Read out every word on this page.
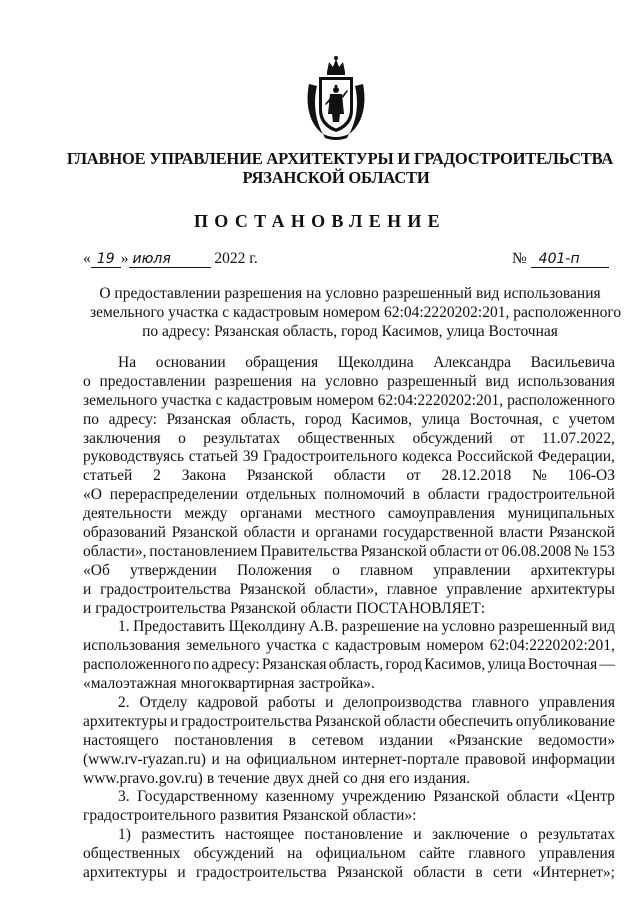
ГЛАВНОЕ УПРАВЛЕНИЕ АРХИТЕКТУРЫ И ГРАДОСТРОИТЕЛЬСТВА
РЯЗАНСКОЙ ОБЛАСТИ
ПОСТАНОВЛЕНИЕ
« 19 » июля	2022 г.	№ 401-п
О предоставлении разрешения на условно разрешенный вид использования
земельного участка с кадастровым номером 62:04:2220202:201, расположенного
по адресу: Рязанская область, город Касимов, улица Восточная
На основании обращения Щеколдина Александра Васильевича
о предоставлении разрешения на условно разрешенный вид использования
земельного участка с кадастровым номером 62:04:2220202:201, расположенного
по адресу: Рязанская область, город Касимов, улица Восточная, с учетом
заключения о результатах общественных обсуждений от 11.07.2022,
руководствуясь статьей 39 Градостроительного кодекса Российской Федерации,
статьей 2 Закона Рязанской области от 28.12.2018 № 106-ОЗ
«О перераспределении отдельных полномочий в области градостроительной
деятельности между органами местного самоуправления муниципальных
образований Рязанской области и органами государственной власти Рязанской
области», постановлением Правительства Рязанской области от 06.08.2008 № 153
«Об утверждении Положения о главном управлении архитектуры
и градостроительства Рязанской области», главное управление архитектуры
и градостроительства Рязанской области ПОСТАНОВЛЯЕТ:
1. Предоставить Щеколдину А.В. разрешение на условно разрешенный вид
использования земельного участка с кадастровым номером 62:04:2220202:201,
расположенного по адресу: Рязанская область, город Касимов, улица Восточная —
«малоэтажная многоквартирная застройка».
2. Отделу кадровой работы и делопроизводства главного управления
архитектуры и градостроительства Рязанской области обеспечить опубликование
настоящего постановления в сетевом издании «Рязанские ведомости»
(www.rv-ryazan.ru) и на официальном интернет-портале правовой информации
www.pravo.gov.ru) в течение двух дней со дня его издания.
3. Государственному казенному учреждению Рязанской области «Центр
градостроительного развития Рязанской области»:
1) разместить настоящее постановление и заключение о результатах
общественных обсуждений на официальном сайте главного управления
архитектуры и градостроительства Рязанской области в сети «Интернет»;
